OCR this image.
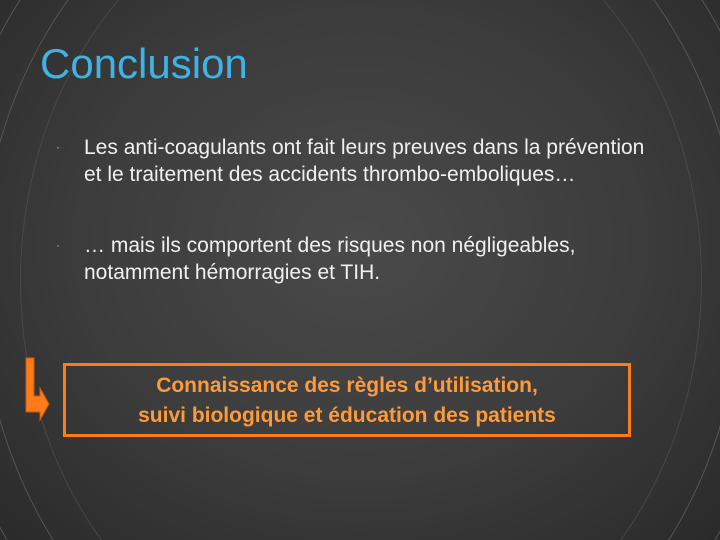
Conclusion
· Les anti-coagulants ont fait leurs preuves dans la prévention et le traitement des accidents thrombo-emboliques…
· … mais ils comportent des risques non négligeables, notamment hémorragies et TIH.
Connaissance des règles d’utilisation,
suivi biologique et éducation des patients
